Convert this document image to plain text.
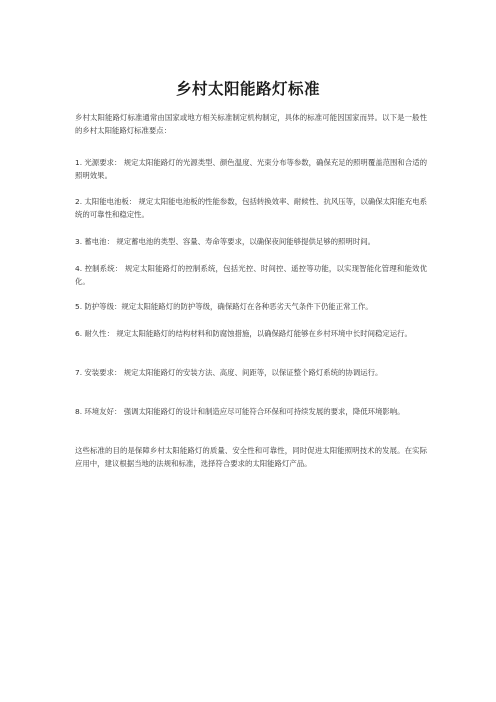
乡村太阳能路灯标准

乡村太阳能路灯标准通常由国家或地方相关标准制定机构制定，具体的标准可能因国家而异。以下是一般性的乡村太阳能路灯标准要点：

1. 光源要求： 规定太阳能路灯的光源类型、颜色温度、光束分布等参数，确保充足的照明覆盖范围和合适的照明效果。

2. 太阳能电池板： 规定太阳能电池板的性能参数，包括转换效率、耐候性、抗风压等，以确保太阳能充电系统的可靠性和稳定性。

3. 蓄电池： 规定蓄电池的类型、容量、寿命等要求，以确保夜间能够提供足够的照明时间。

4. 控制系统： 规定太阳能路灯的控制系统，包括光控、时间控、遥控等功能，以实现智能化管理和能效优化。

5. 防护等级：规定太阳能路灯的防护等级，确保路灯在各种恶劣天气条件下仍能正常工作。

6. 耐久性： 规定太阳能路灯的结构材料和防腐蚀措施，以确保路灯能够在乡村环境中长时间稳定运行。

7. 安装要求： 规定太阳能路灯的安装方法、高度、间距等，以保证整个路灯系统的协调运行。

8. 环境友好： 强调太阳能路灯的设计和制造应尽可能符合环保和可持续发展的要求，降低环境影响。

这些标准的目的是保障乡村太阳能路灯的质量、安全性和可靠性，同时促进太阳能照明技术的发展。在实际应用中，建议根据当地的法规和标准，选择符合要求的太阳能路灯产品。
